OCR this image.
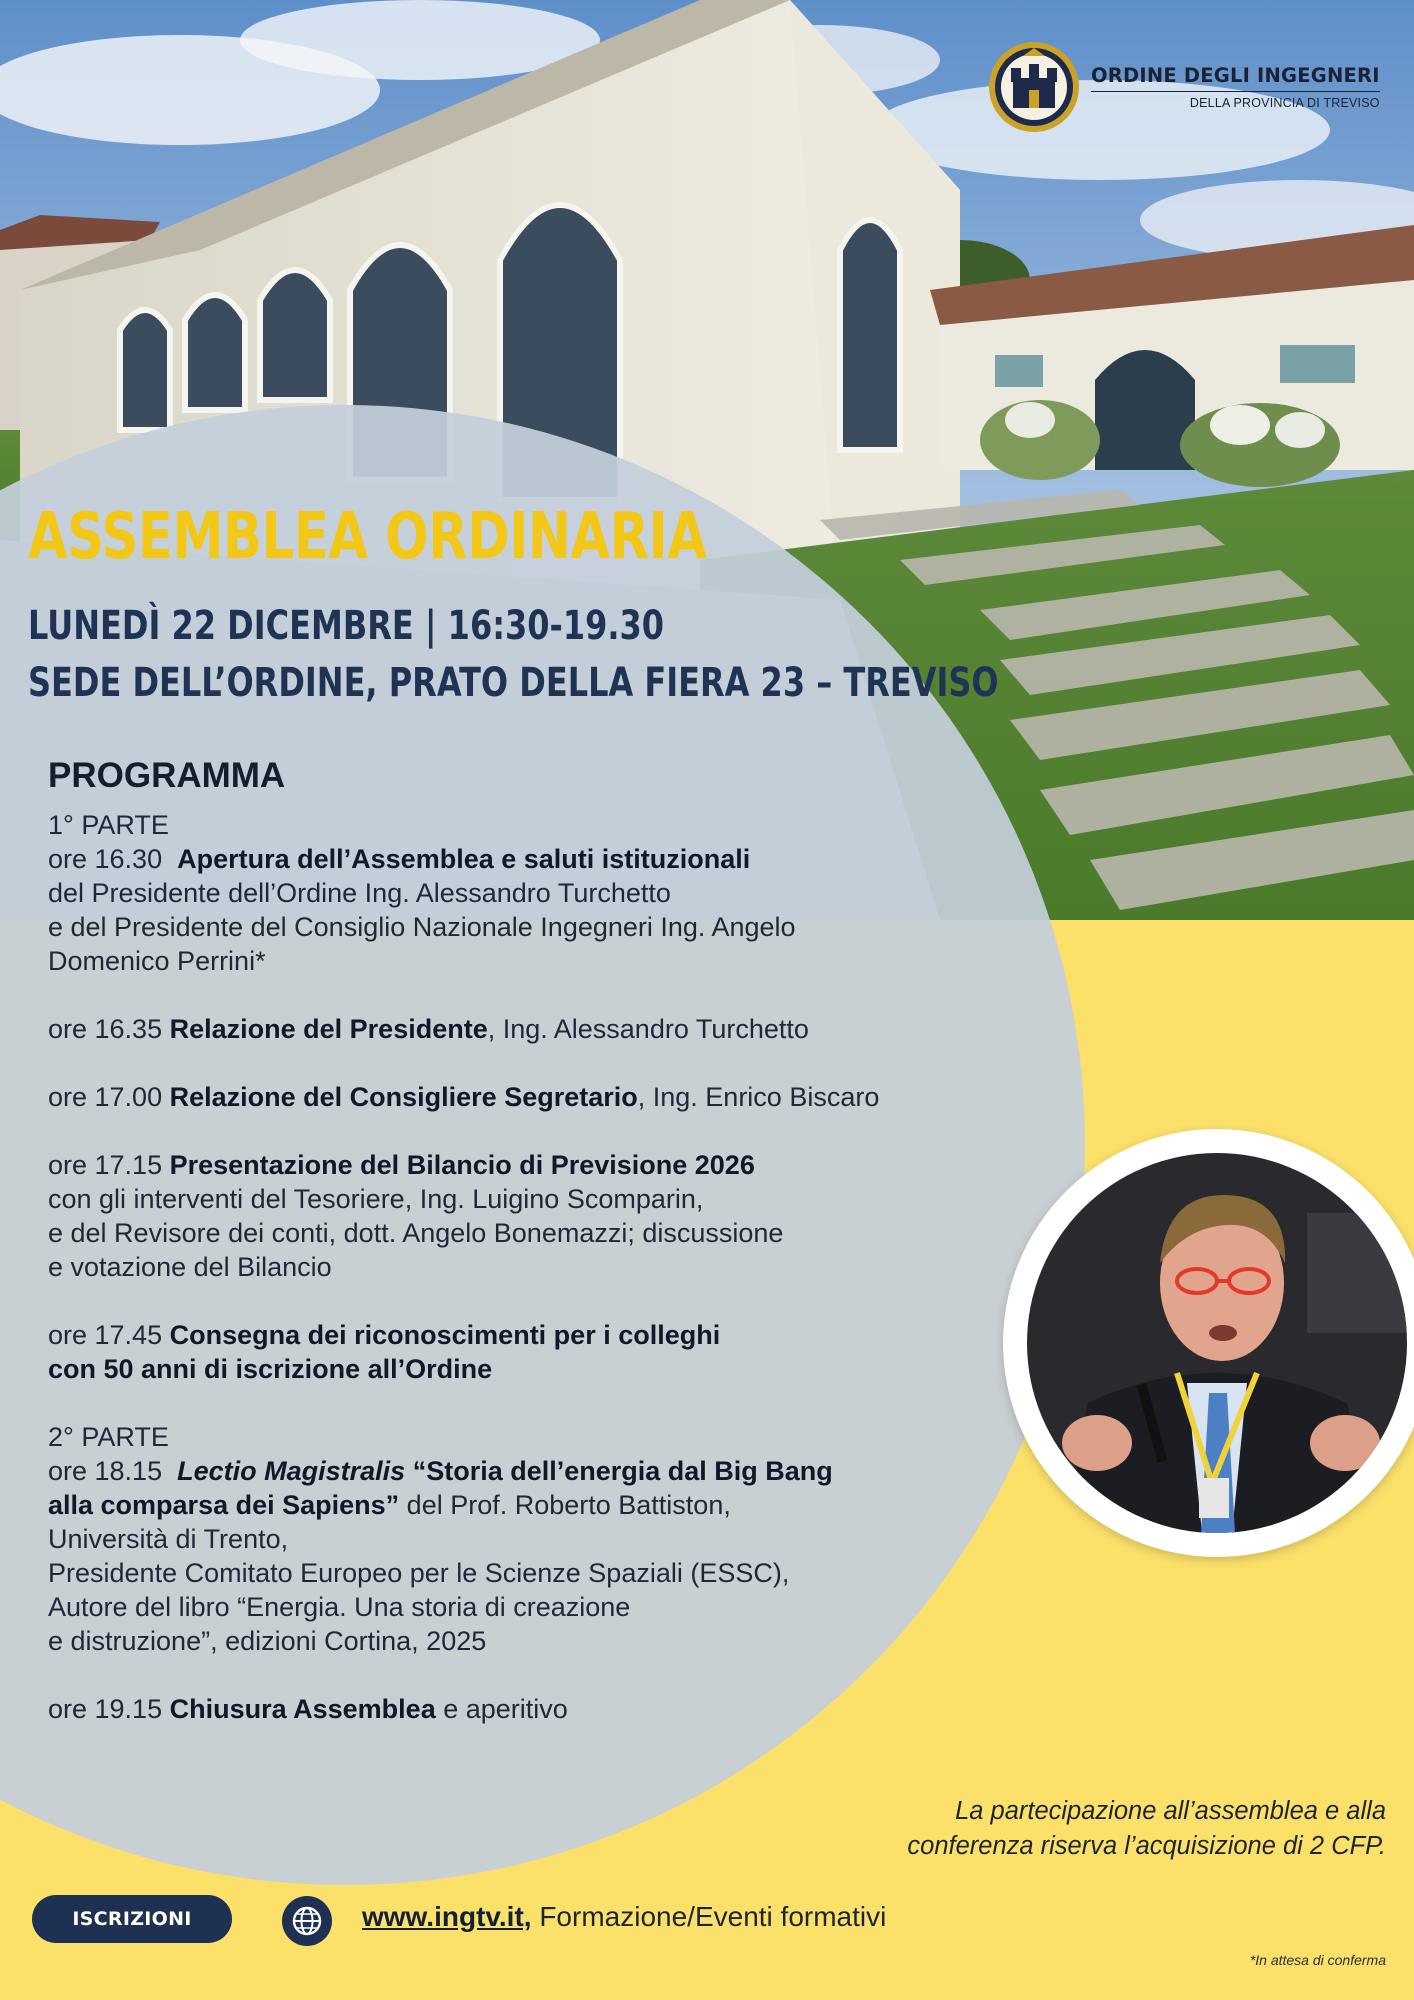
ORDINE DEGLI INGEGNERI
DELLA PROVINCIA DI TREVISO
ASSEMBLEA ORDINARIA
LUNEDÌ 22 DICEMBRE | 16:30-19.30
SEDE DELL’ORDINE, PRATO DELLA FIERA 23 – TREVISO
PROGRAMMA
1° PARTE
ore 16.30 Apertura dell’Assemblea e saluti istituzionali
del Presidente dell’Ordine Ing. Alessandro Turchetto
e del Presidente del Consiglio Nazionale Ingegneri Ing. Angelo
Domenico Perrini*
ore 16.35 Relazione del Presidente, Ing. Alessandro Turchetto
ore 17.00 Relazione del Consigliere Segretario, Ing. Enrico Biscaro
ore 17.15 Presentazione del Bilancio di Previsione 2026
con gli interventi del Tesoriere, Ing. Luigino Scomparin,
e del Revisore dei conti, dott. Angelo Bonemazzi; discussione
e votazione del Bilancio
ore 17.45 Consegna dei riconoscimenti per i colleghi
con 50 anni di iscrizione all’Ordine
2° PARTE
ore 18.15 Lectio Magistralis “Storia dell’energia dal Big Bang
alla comparsa dei Sapiens” del Prof. Roberto Battiston,
Università di Trento,
Presidente Comitato Europeo per le Scienze Spaziali (ESSC),
Autore del libro “Energia. Una storia di creazione
e distruzione”, edizioni Cortina, 2025
ore 19.15 Chiusura Assemblea e aperitivo
La partecipazione all’assemblea e alla
conferenza riserva l’acquisizione di 2 CFP.
ISCRIZIONI	www.ingtv.it, Formazione/Eventi formativi
*In attesa di conferma
